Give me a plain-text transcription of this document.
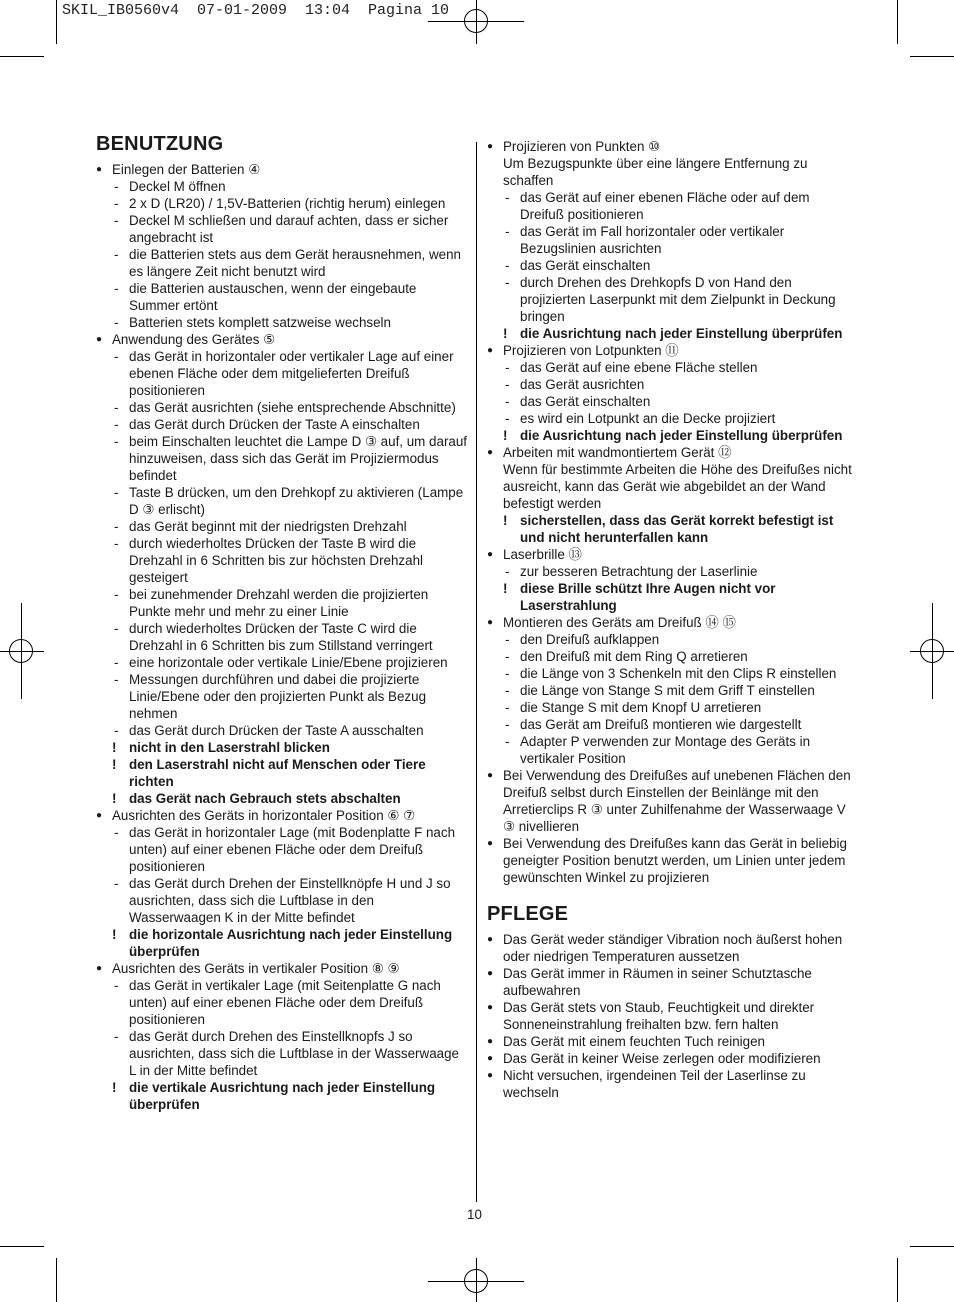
SKIL_IB0560v4  07-01-2009  13:04  Pagina 10
BENUTZUNG
● Einlegen der Batterien ④
- Deckel M öffnen
- 2 x D (LR20) / 1,5V-Batterien (richtig herum) einlegen
- Deckel M schließen und darauf achten, dass er sicher angebracht ist
- die Batterien stets aus dem Gerät herausnehmen, wenn es längere Zeit nicht benutzt wird
- die Batterien austauschen, wenn der eingebaute Summer ertönt
- Batterien stets komplett satzweise wechseln
● Anwendung des Gerätes ⑤
- das Gerät in horizontaler oder vertikaler Lage auf einer ebenen Fläche oder dem mitgelieferten Dreifuß positionieren
- das Gerät ausrichten (siehe entsprechende Abschnitte)
- das Gerät durch Drücken der Taste A einschalten
- beim Einschalten leuchtet die Lampe D ③ auf, um darauf hinzuweisen, dass sich das Gerät im Projiziermodus befindet
- Taste B drücken, um den Drehkopf zu aktivieren (Lampe D ③ erlischt)
- das Gerät beginnt mit der niedrigsten Drehzahl
- durch wiederholtes Drücken der Taste B wird die Drehzahl in 6 Schritten bis zur höchsten Drehzahl gesteigert
- bei zunehmender Drehzahl werden die projizierten Punkte mehr und mehr zu einer Linie
- durch wiederholtes Drücken der Taste C wird die Drehzahl in 6 Schritten bis zum Stillstand verringert
- eine horizontale oder vertikale Linie/Ebene projizieren
- Messungen durchführen und dabei die projizierte Linie/Ebene oder den projizierten Punkt als Bezug nehmen
- das Gerät durch Drücken der Taste A ausschalten
! nicht in den Laserstrahl blicken
! den Laserstrahl nicht auf Menschen oder Tiere richten
! das Gerät nach Gebrauch stets abschalten
● Ausrichten des Geräts in horizontaler Position ⑥ ⑦
- das Gerät in horizontaler Lage (mit Bodenplatte F nach unten) auf einer ebenen Fläche oder dem Dreifuß positionieren
- das Gerät durch Drehen der Einstellknöpfe H und J so ausrichten, dass sich die Luftblase in den Wasserwaagen K in der Mitte befindet
! die horizontale Ausrichtung nach jeder Einstellung überprüfen
● Ausrichten des Geräts in vertikaler Position ⑧ ⑨
- das Gerät in vertikaler Lage (mit Seitenplatte G nach unten) auf einer ebenen Fläche oder dem Dreifuß positionieren
- das Gerät durch Drehen des Einstellknopfs J so ausrichten, dass sich die Luftblase in der Wasserwaage L in der Mitte befindet
! die vertikale Ausrichtung nach jeder Einstellung überprüfen
● Projizieren von Punkten ⑩
Um Bezugspunkte über eine längere Entfernung zu schaffen
- das Gerät auf einer ebenen Fläche oder auf dem Dreifuß positionieren
- das Gerät im Fall horizontaler oder vertikaler Bezugslinien ausrichten
- das Gerät einschalten
- durch Drehen des Drehkopfs D von Hand den projizierten Laserpunkt mit dem Zielpunkt in Deckung bringen
! die Ausrichtung nach jeder Einstellung überprüfen
● Projizieren von Lotpunkten ⑪
- das Gerät auf eine ebene Fläche stellen
- das Gerät ausrichten
- das Gerät einschalten
- es wird ein Lotpunkt an die Decke projiziert
! die Ausrichtung nach jeder Einstellung überprüfen
● Arbeiten mit wandmontiertem Gerät ⑫
Wenn für bestimmte Arbeiten die Höhe des Dreifußes nicht ausreicht, kann das Gerät wie abgebildet an der Wand befestigt werden
! sicherstellen, dass das Gerät korrekt befestigt ist und nicht herunterfallen kann
● Laserbrille ⑬
- zur besseren Betrachtung der Laserlinie
! diese Brille schützt Ihre Augen nicht vor Laserstrahlung
● Montieren des Geräts am Dreifuß ⑭ ⑮
- den Dreifuß aufklappen
- den Dreifuß mit dem Ring Q arretieren
- die Länge von 3 Schenkeln mit den Clips R einstellen
- die Länge von Stange S mit dem Griff T einstellen
- die Stange S mit dem Knopf U arretieren
- das Gerät am Dreifuß montieren wie dargestellt
- Adapter P verwenden zur Montage des Geräts in vertikaler Position
● Bei Verwendung des Dreifußes auf unebenen Flächen den Dreifuß selbst durch Einstellen der Beinlänge mit den Arretierclips R ③ unter Zuhilfenahme der Wasserwaage V ③ nivellieren
● Bei Verwendung des Dreifußes kann das Gerät in beliebig geneigter Position benutzt werden, um Linien unter jedem gewünschten Winkel zu projizieren
PFLEGE
● Das Gerät weder ständiger Vibration noch äußerst hohen oder niedrigen Temperaturen aussetzen
● Das Gerät immer in Räumen in seiner Schutztasche aufbewahren
● Das Gerät stets von Staub, Feuchtigkeit und direkter Sonneneinstrahlung freihalten bzw. fern halten
● Das Gerät mit einem feuchten Tuch reinigen
● Das Gerät in keiner Weise zerlegen oder modifizieren
● Nicht versuchen, irgendeinen Teil der Laserlinse zu wechseln
10
